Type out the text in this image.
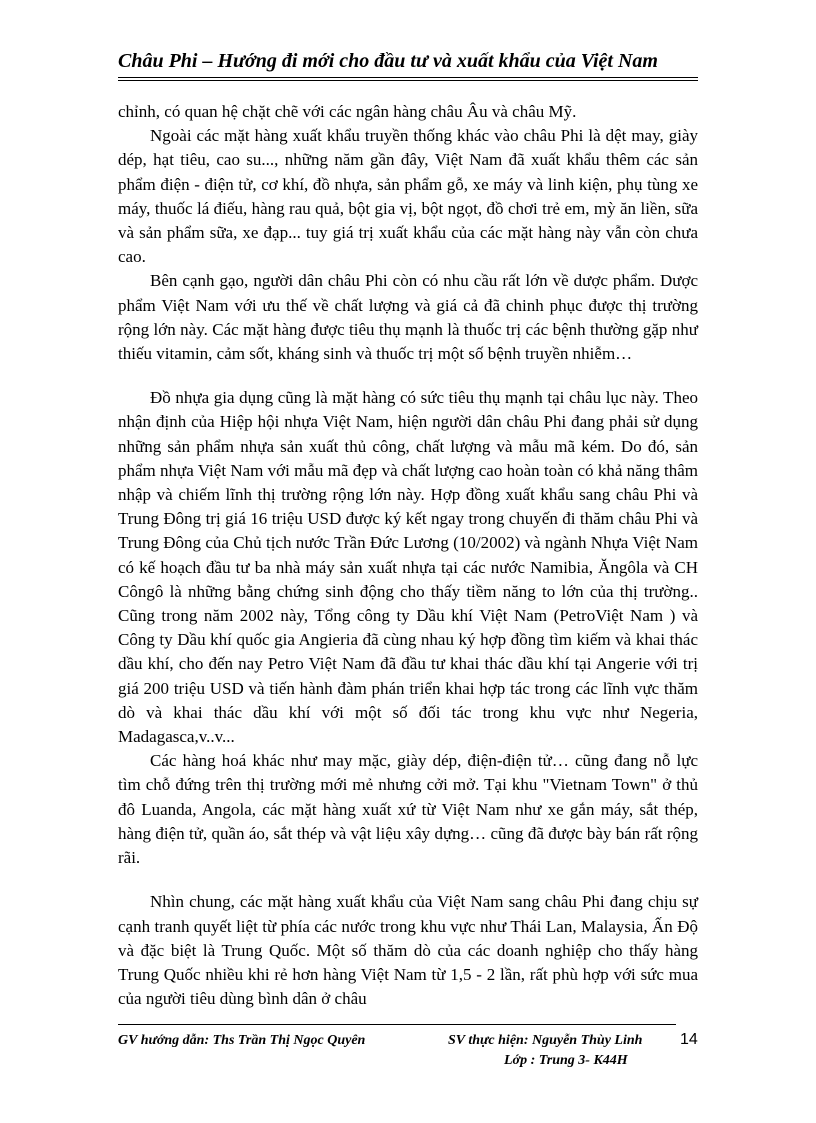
Châu Phi – Hướng đi mới cho đầu tư và xuất khẩu của Việt Nam

chỉnh, có quan hệ chặt chẽ với các ngân hàng châu Âu và châu Mỹ.

Ngoài các mặt hàng xuất khẩu truyền thống khác vào châu Phi là dệt may, giày dép, hạt tiêu, cao su..., những năm gần đây, Việt Nam đã xuất khẩu thêm các sản phẩm điện - điện tử, cơ khí, đồ nhựa, sản phẩm gỗ, xe máy và linh kiện, phụ tùng xe máy, thuốc lá điếu, hàng rau quả, bột gia vị, bột ngọt, đồ chơi trẻ em, mỳ ăn liền, sữa và sản phẩm sữa, xe đạp... tuy giá trị xuất khẩu của các mặt hàng này vẫn còn chưa cao.

Bên cạnh gạo, người dân châu Phi còn có nhu cầu rất lớn về dược phẩm. Dược phẩm Việt Nam với ưu thế về chất lượng và giá cả đã chinh phục được thị trường rộng lớn này. Các mặt hàng được tiêu thụ mạnh là thuốc trị các bệnh thường gặp như thiếu vitamin, cảm sốt, kháng sinh và thuốc trị một số bệnh truyền nhiễm…

Đồ nhựa gia dụng cũng là mặt hàng có sức tiêu thụ mạnh tại châu lục này. Theo nhận định của Hiệp hội nhựa Việt Nam, hiện người dân châu Phi đang phải sử dụng những sản phẩm nhựa sản xuất thủ công, chất lượng và mẫu mã kém. Do đó, sản phẩm nhựa Việt Nam với mẫu mã đẹp và chất lượng cao hoàn toàn có khả năng thâm nhập và chiếm lĩnh thị trường rộng lớn này. Hợp đồng xuất khẩu sang châu Phi và Trung Đông trị giá 16 triệu USD được ký kết ngay trong chuyến đi thăm châu Phi và Trung Đông của Chủ tịch nước Trần Đức Lương (10/2002) và ngành Nhựa Việt Nam có kế hoạch đầu tư ba nhà máy sản xuất nhựa tại các nước Namibia, Ăngôla và CH Côngô là những bằng chứng sinh động cho thấy tiềm năng to lớn của thị trường.. Cũng trong năm 2002 này, Tổng công ty Dầu khí Việt Nam (PetroViệt Nam ) và Công ty Dầu khí quốc gia Angieria đã cùng nhau ký hợp đồng tìm kiếm và khai thác dầu khí, cho đến nay Petro Việt Nam đã đầu tư khai thác dầu khí tại Angerie với trị giá 200 triệu USD và tiến hành đàm phán triển khai hợp tác trong các lĩnh vực thăm dò và khai thác dầu khí với một số đối tác trong khu vực như Negeria, Madagasca,v..v...

Các hàng hoá khác như may mặc, giày dép, điện-điện tử… cũng đang nỗ lực tìm chỗ đứng trên thị trường mới mẻ nhưng cởi mở. Tại khu "Vietnam Town" ở thủ đô Luanda, Angola, các mặt hàng xuất xứ từ Việt Nam như xe gắn máy, sắt thép, hàng điện tử, quần áo, sắt thép và vật liệu xây dựng… cũng đã được bày bán rất rộng rãi.

Nhìn chung, các mặt hàng xuất khẩu của Việt Nam sang châu Phi đang chịu sự cạnh tranh quyết liệt từ phía các nước trong khu vực như Thái Lan, Malaysia, Ấn Độ và đặc biệt là Trung Quốc. Một số thăm dò của các doanh nghiệp cho thấy hàng Trung Quốc nhiều khi rẻ hơn hàng Việt Nam từ 1,5 - 2 lần, rất phù hợp với sức mua của người tiêu dùng bình dân ở châu

GV hướng dẫn: Ths Trần Thị Ngọc Quyên	SV thực hiện: Nguyễn Thùy Linh
Lớp : Trung 3- K44H
14
